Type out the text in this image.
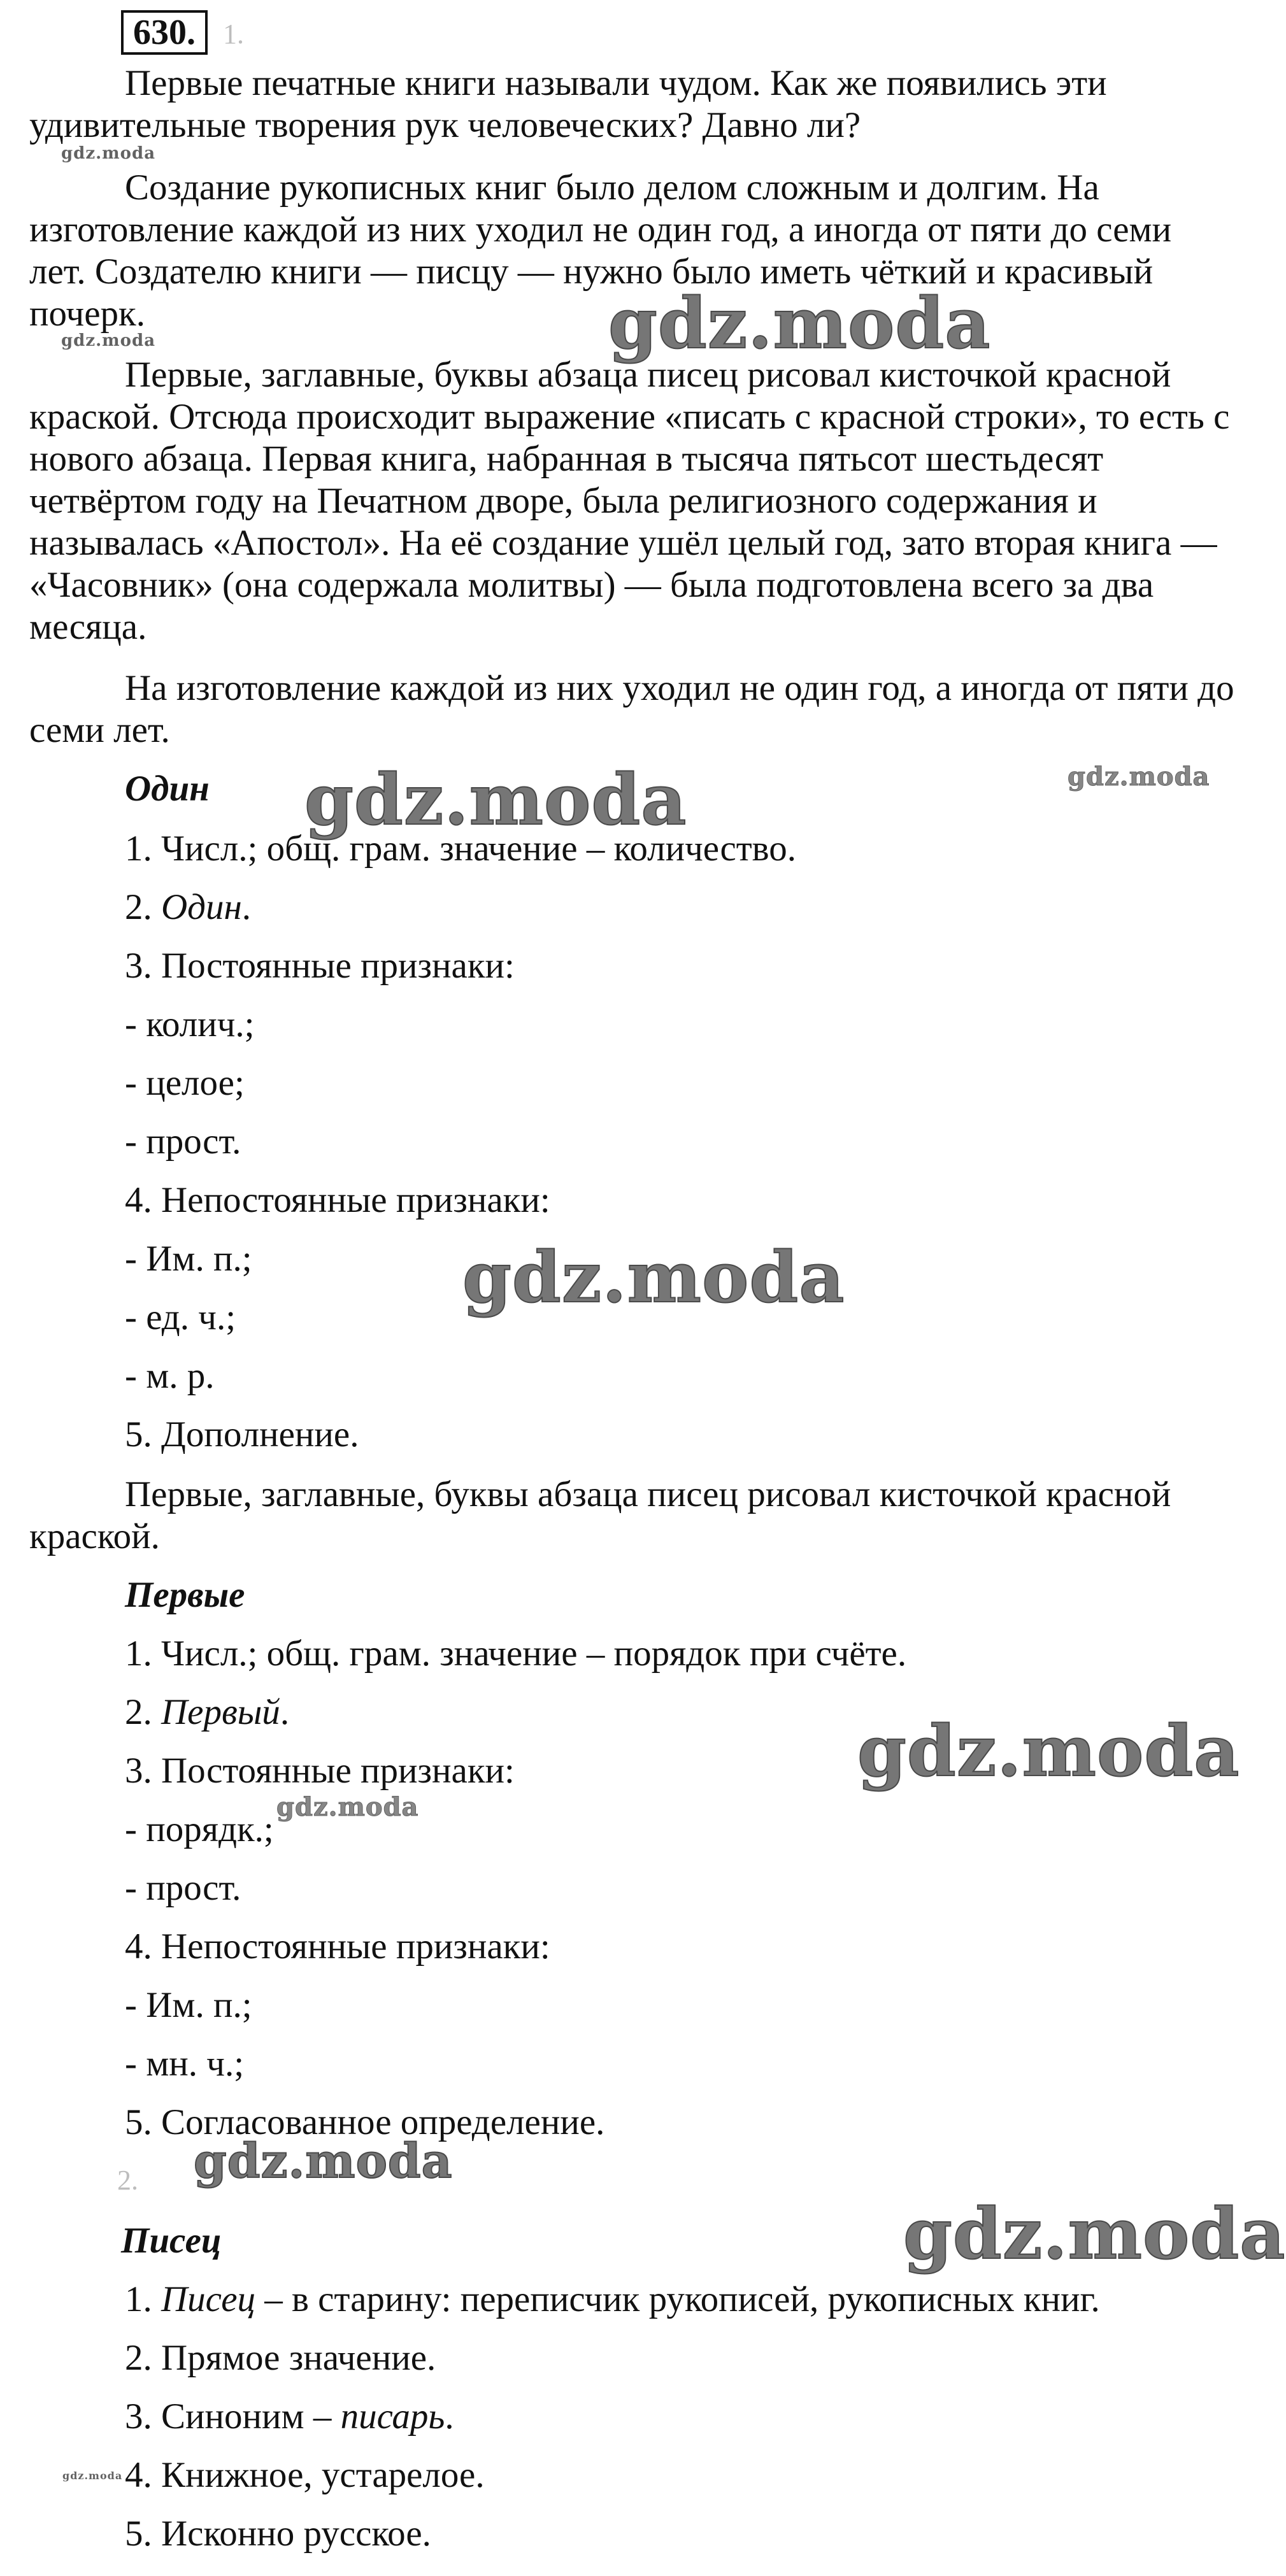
630. 1.
Первые печатные книги называли чудом. Как же появились эти
удивительные творения рук человеческих? Давно ли?
Создание рукописных книг было делом сложным и долгим. На
изготовление каждой из них уходил не один год, а иногда от пяти до семи
лет. Создателю книги — писцу — нужно было иметь чёткий и красивый
почерк.
Первые, заглавные, буквы абзаца писец рисовал кисточкой красной
краской. Отсюда происходит выражение «писать с красной строки», то есть с
нового абзаца. Первая книга, набранная в тысяча пятьсот шестьдесят
четвёртом году на Печатном дворе, была религиозного содержания и
называлась «Апостол». На её создание ушёл целый год, зато вторая книга —
«Часовник» (она содержала молитвы) — была подготовлена всего за два
месяца.
На изготовление каждой из них уходил не один год, а иногда от пяти до
семи лет.
Один
1. Числ.; общ. грам. значение – количество.
2. Один.
3. Постоянные признаки:
- колич.;
- целое;
- прост.
4. Непостоянные признаки:
- Им. п.;
- ед. ч.;
- м. р.
5. Дополнение.
Первые, заглавные, буквы абзаца писец рисовал кисточкой красной
краской.
Первые
1. Числ.; общ. грам. значение – порядок при счёте.
2. Первый.
3. Постоянные признаки:
- порядк.;
- прост.
4. Непостоянные признаки:
- Им. п.;
- мн. ч.;
5. Согласованное определение.
2.
Писец
1. Писец – в старину: переписчик рукописей, рукописных книг.
2. Прямое значение.
3. Синоним – писарь.
4. Книжное, устарелое.
5. Исконно русское.
gdz.moda
gdz.moda	gdz.moda
gdz.moda	gdz.moda
gdz.moda
gdz.moda
gdz.moda
gdz.moda
gdz.moda
gdz.moda
